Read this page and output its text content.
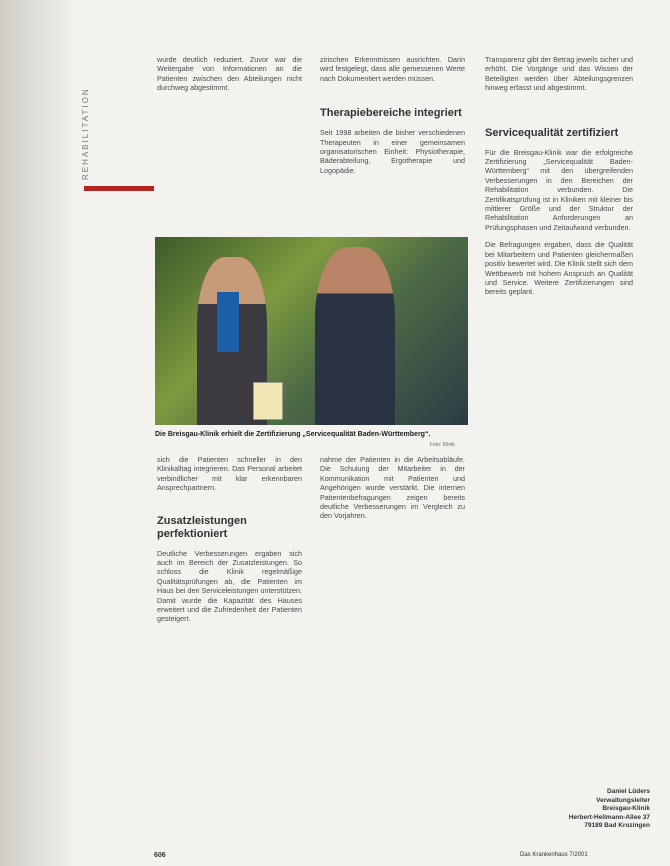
REHABILITATION

wurde deutlich reduziert. Zuvor war die Weitergabe von Informationen an die Patienten zwischen den Abteilungen nicht durchweg abgestimmt.

zirischen Erkenntnissen ausrichten. Darin wird festgelegt, dass alle gemessenen Werte nach Dokumentiert werden müssen.

Therapiebereiche integriert

Seit 1998 arbeiten die bisher verschiedenen Therapeuten in einer gemeinsamen organisatorischen Einheit: Physiotherapie, Bäderabteilung, Ergotherapie und Logopädie.

Transparenz gibt der Betrag jeweils sicher und erhöht. Die Vorgänge und das Wissen der Beteiligten werden über Abteilungsgrenzen hinweg erfasst und abgestimmt.

Servicequalität zertifiziert

Für die Breisgau-Klinik war die erfolgreiche Zertifizierung „Servicequalität Baden-Württemberg“ mit den übergreifenden Verbesserungen in den Bereichen der Rehabilitation verbunden. Die Zertifikatsprüfung ist in Kliniken mit kleiner bis mittlerer Größe und der Struktur der Rehabilitation Anforderungen an Prüfungsphasen und Zeitaufwand verbunden.

Die Befragungen ergaben, dass die Qualität bei Mitarbeitern und Patienten gleichermaßen positiv bewertet wird. Die Klinik stellt sich dem Wettbewerb mit hohem Anspruch an Qualität und Service. Weitere Zertifizierungen sind bereits geplant.

Die Breisgau-Klinik erhielt die Zertifizierung „Servicequalität Baden-Württemberg“.
Foto: Klinik

sich die Patienten schneller in den Klinikalltag integrieren. Das Personal arbeitet verbindlicher mit klar erkennbaren Ansprechpartnern.

Zusatzleistungen perfektioniert

Deutliche Verbesserungen ergaben sich auch im Bereich der Zusatzleistungen. So schloss die Klinik regelmäßige Qualitätsprüfungen ab, die Patienten im Haus bei den Serviceleistungen unterstützen. Damit wurde die Kapazität des Hauses erweitert und die Zufriedenheit der Patienten gesteigert.

nahme der Patienten in die Arbeitsabläufe. Die Schulung der Mitarbeiter in der Kommunikation mit Patienten und Angehörigen wurde verstärkt. Die internen Patientenbefragungen zeigen bereits deutliche Verbesserungen im Vergleich zu den Vorjahren.

Daniel Lüders
Verwaltungsleiter
Breisgau-Klinik
Herbert-Hellmann-Allee 37
79189 Bad Krozingen
606	Das Krankenhaus 7/2001
